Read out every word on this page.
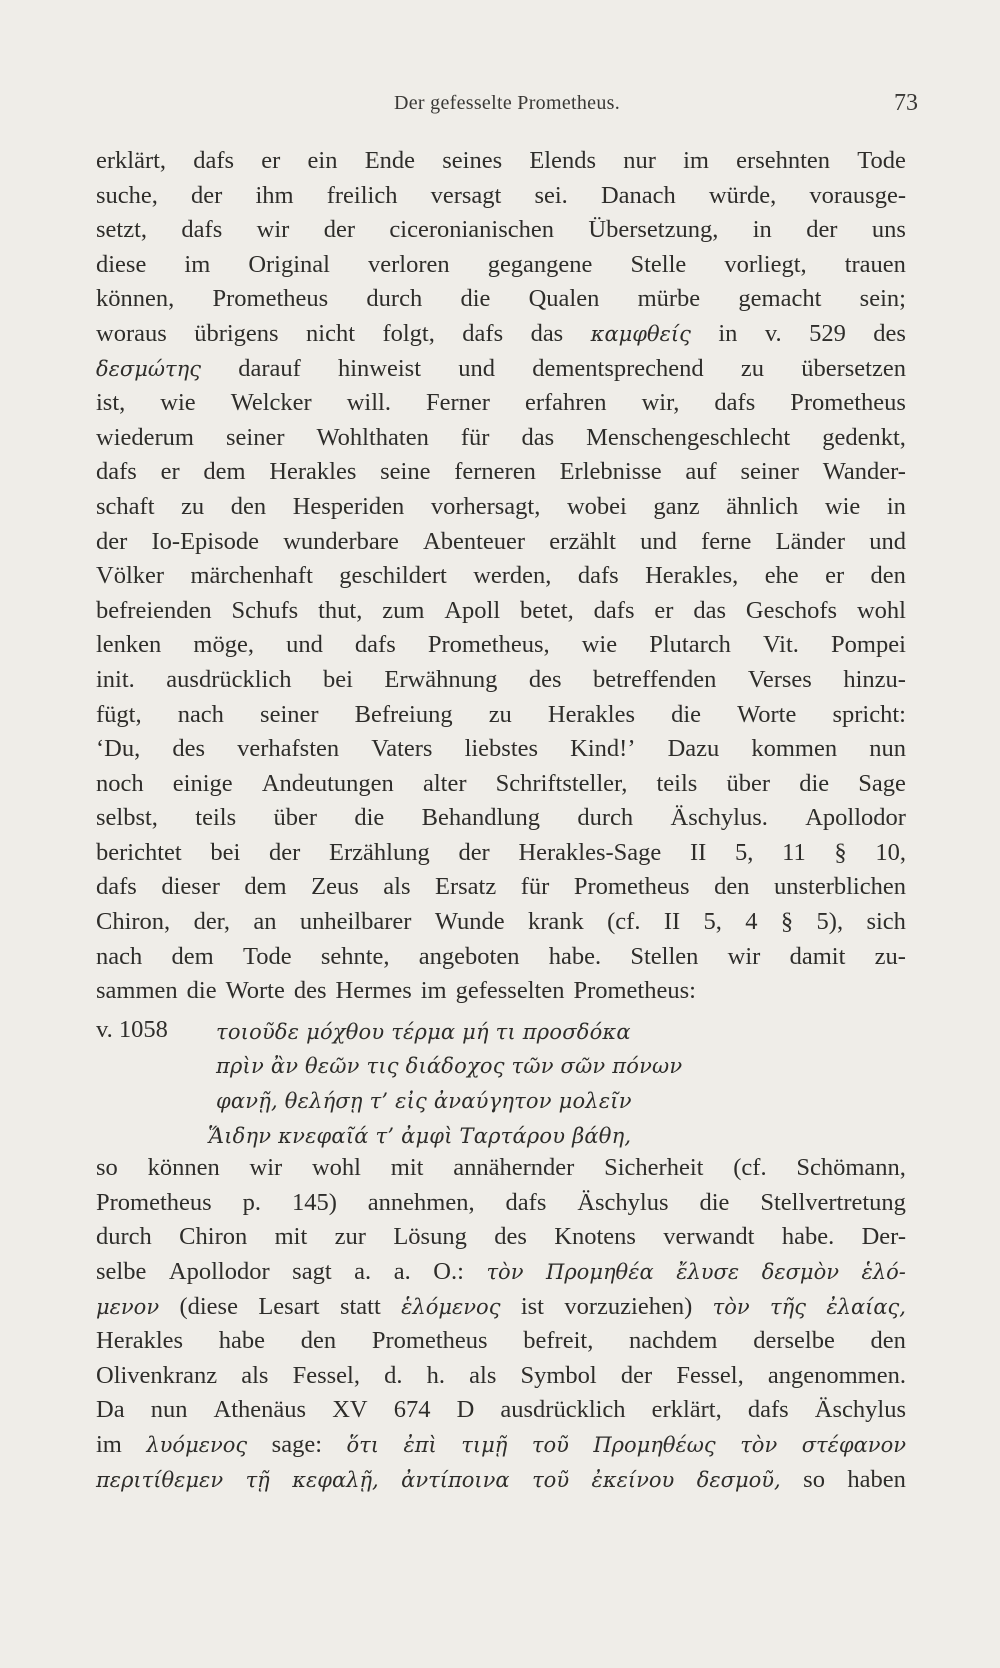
Der gefesselte Prometheus.	73
erklärt, dafs er ein Ende seines Elends nur im ersehnten Tode
suche, der ihm freilich versagt sei. Danach würde, vorausge-
setzt, dafs wir der ciceronianischen Übersetzung, in der uns
diese im Original verloren gegangene Stelle vorliegt, trauen
können, Prometheus durch die Qualen mürbe gemacht sein;
woraus übrigens nicht folgt, dafs das καμφθείς in v. 529 des
δεσμώτης darauf hinweist und dementsprechend zu übersetzen
ist, wie Welcker will. Ferner erfahren wir, dafs Prometheus
wiederum seiner Wohlthaten für das Menschengeschlecht gedenkt,
dafs er dem Herakles seine ferneren Erlebnisse auf seiner Wander-
schaft zu den Hesperiden vorhersagt, wobei ganz ähnlich wie in
der Io-Episode wunderbare Abenteuer erzählt und ferne Länder und
Völker märchenhaft geschildert werden, dafs Herakles, ehe er den
befreienden Schufs thut, zum Apoll betet, dafs er das Geschofs wohl
lenken möge, und dafs Prometheus, wie Plutarch Vit. Pompei
init. ausdrücklich bei Erwähnung des betreffenden Verses hinzu-
fügt, nach seiner Befreiung zu Herakles die Worte spricht:
‘Du, des verhafsten Vaters liebstes Kind!’ Dazu kommen nun
noch einige Andeutungen alter Schriftsteller, teils über die Sage
selbst, teils über die Behandlung durch Äschylus. Apollodor
berichtet bei der Erzählung der Herakles-Sage II 5, 11 § 10,
dafs dieser dem Zeus als Ersatz für Prometheus den unsterblichen
Chiron, der, an unheilbarer Wunde krank (cf. II 5, 4 § 5), sich
nach dem Tode sehnte, angeboten habe. Stellen wir damit zu-
sammen die Worte des Hermes im gefesselten Prometheus:
v. 1058	τοιοῦδε μόχθου τέρμα μή τι προσδόκα
πρὶν ἂν θεῶν τις διάδοχος τῶν σῶν πόνων
φανῇ, θελήσῃ τ’ εἰς ἀναύγητον μολεῖν
Ἅιδην κνεφαῖά τ’ ἀμφὶ Ταρτάρου βάθη,
so können wir wohl mit annähernder Sicherheit (cf. Schömann,
Prometheus p. 145) annehmen, dafs Äschylus die Stellvertretung
durch Chiron mit zur Lösung des Knotens verwandt habe. Der-
selbe Apollodor sagt a. a. O.: τὸν Προμηθέα ἔλυσε δεσμὸν ἑλό-
μενον (diese Lesart statt ἑλόμενος ist vorzuziehen) τὸν τῆς ἐλαίας,
Herakles habe den Prometheus befreit, nachdem derselbe den
Olivenkranz als Fessel, d. h. als Symbol der Fessel, angenommen.
Da nun Athenäus XV 674 D ausdrücklich erklärt, dafs Äschylus
im λυόμενος sage: ὅτι ἐπὶ τιμῇ τοῦ Προμηθέως τὸν στέφανον
περιτίθεμεν τῇ κεφαλῇ, ἀντίποινα τοῦ ἐκείνου δεσμοῦ, so haben
